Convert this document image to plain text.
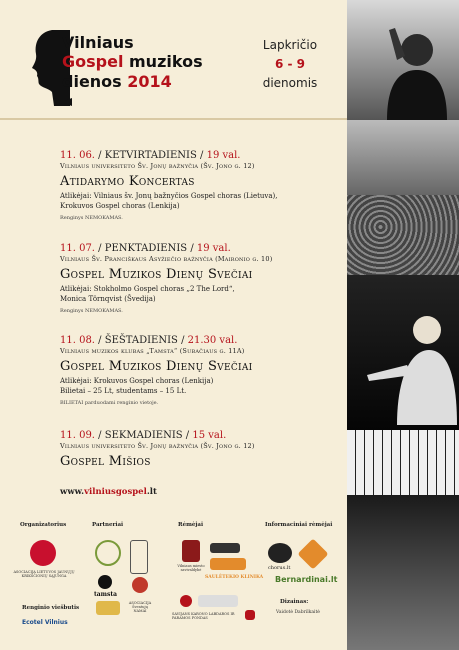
Vilniaus
Gospel muzikos
dienos 2014
Lapkričio
6 - 9
dienomis
11. 06. / KETVIRTADIENIS / 19 val.
Vilniaus universiteto Šv. Jonų bažnyčia (Šv. Jono g. 12)
Atidarymo Koncertas
Atlikėjai: Vilniaus šv. Jonų bažnyčios Gospel choras (Lietuva),
Krokuvos Gospel choras (Lenkija)
Renginys NEMOKAMAS.
11. 07. / PENKTADIENIS / 19 val.
Vilniaus Šv. Pranciškaus Asyžiečio bažnyčia (Maironio g. 10)
Gospel Muzikos Dienų Svečiai
Atlikėjai: Stokholmo Gospel choras „2 The Lord“,
Monica Törnqvist (Švedija)
Renginys NEMOKAMAS.
11. 08. / ŠEŠTADIENIS / 21.30 val.
Vilniaus muzikos klubas „Tamsta“ (Subačiaus g. 11A)
Gospel Muzikos Dienų Svečiai
Atlikėjai: Krokuvos Gospel choras (Lenkija)
Bilietai – 25 Lt, studentams – 15 Lt.
BILIETAI parduodami renginio vietoje.
11. 09. / SEKMADIENIS / 15 val.
Vilniaus universiteto Šv. Jonų bažnyčia (Šv. Jono g. 12)
Gospel Mišios
www.vilniusgospel.lt
Organizatorius	Partneriai	Rėmėjai	Informaciniai rėmėjai
ASOCIACIJA LIETUVOS JAUNŲJŲ KRIKŠČIONIŲ SĄJUNGA
tamsta
ASOCIACIJA Šventųjų NAMAI
Vilniaus miesto savivaldybė
SAULĖTEKIO KLINIKA
SAVIJANS KARONO LABDAROS IR PARAMOS FONDAS
chorus.lt
Bernardinai.lt
Dizainas:
Vaidotė Dabrilkaitė
Renginio viešbutis
Ecotel Vilnius
